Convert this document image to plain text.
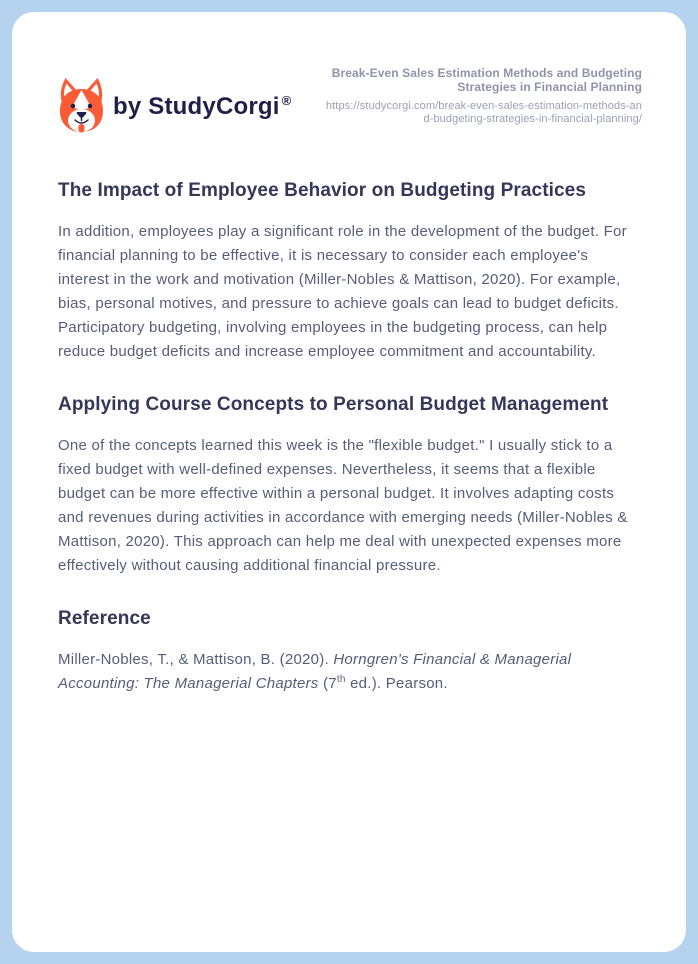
by StudyCorgi ®
Break-Even Sales Estimation Methods and Budgeting Strategies in Financial Planning
https://studycorgi.com/break-even-sales-estimation-methods-and-budgeting-strategies-in-financial-planning/
The Impact of Employee Behavior on Budgeting Practices

In addition, employees play a significant role in the development of the budget. For financial planning to be effective, it is necessary to consider each employee's interest in the work and motivation (Miller-Nobles & Mattison, 2020). For example, bias, personal motives, and pressure to achieve goals can lead to budget deficits. Participatory budgeting, involving employees in the budgeting process, can help reduce budget deficits and increase employee commitment and accountability.

Applying Course Concepts to Personal Budget Management

One of the concepts learned this week is the "flexible budget." I usually stick to a fixed budget with well-defined expenses. Nevertheless, it seems that a flexible budget can be more effective within a personal budget. It involves adapting costs and revenues during activities in accordance with emerging needs (Miller-Nobles & Mattison, 2020). This approach can help me deal with unexpected expenses more effectively without causing additional financial pressure.

Reference

Miller-Nobles, T., & Mattison, B. (2020). Horngren's Financial & Managerial Accounting: The Managerial Chapters (7th ed.). Pearson.
